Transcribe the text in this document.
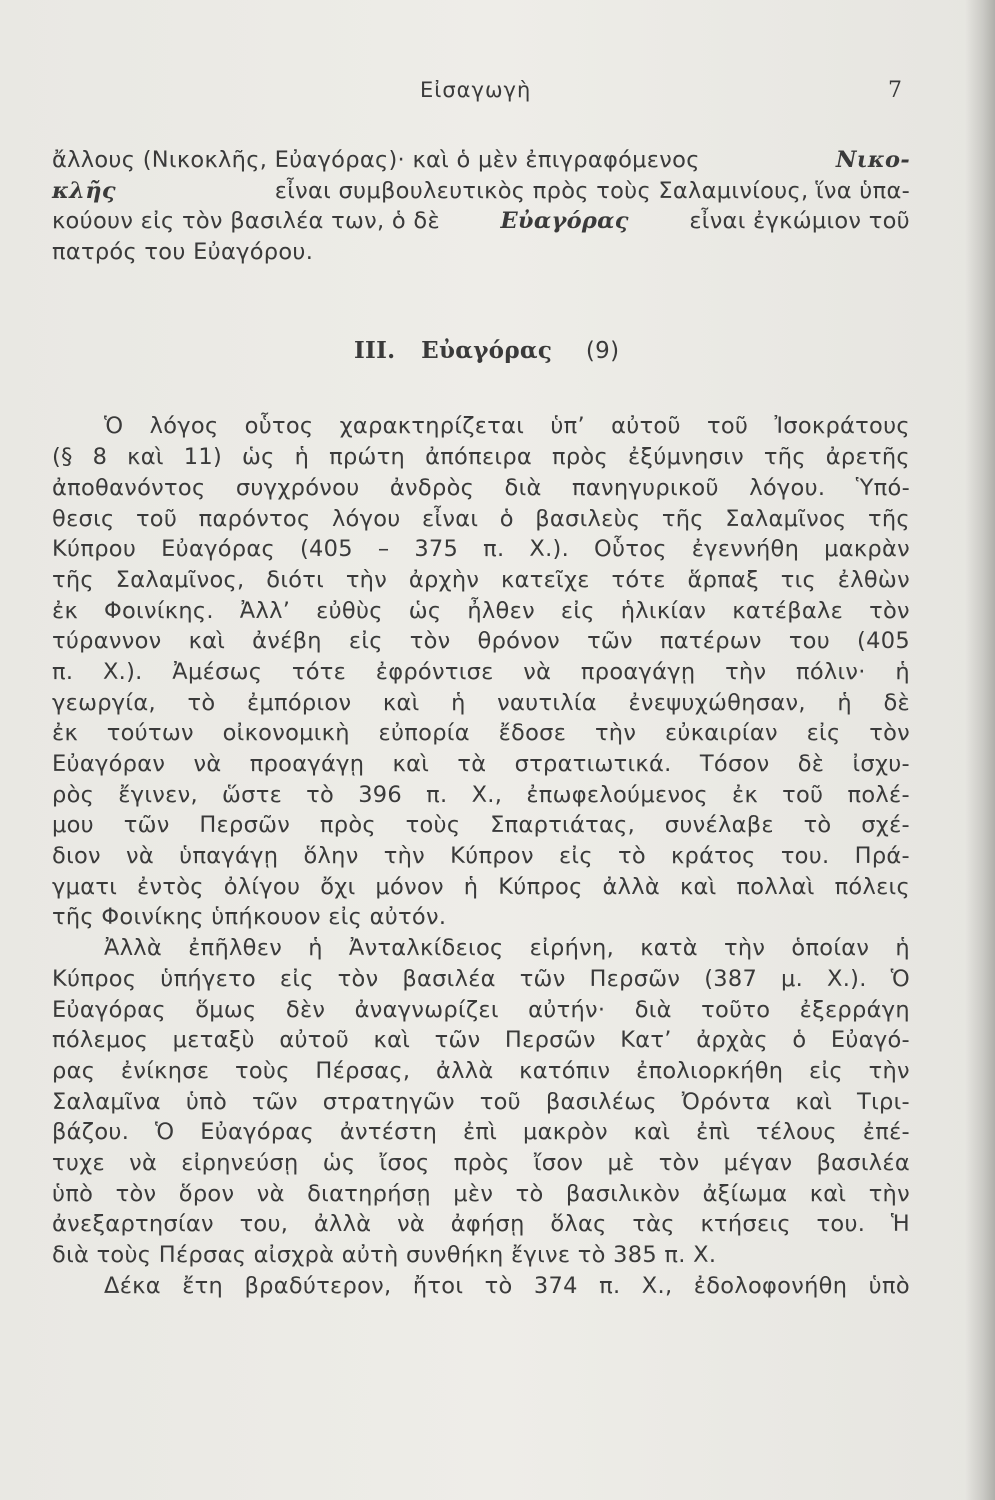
Εἰσαγωγὴ	7
ἄλλους (Νικοκλῆς, Εὐαγόρας)· καὶ ὁ μὲν ἐπιγραφόμενος	Νικο-
κλῆς	εἶναι συμβουλευτικὸς πρὸς τοὺς Σαλαμινίους, ἵνα ὑπα-
κούουν εἰς τὸν βασιλέα των, ὁ δὲ	Εὐαγόρας	εἶναι ἐγκώμιον τοῦ
πατρός του Εὐαγόρου.
III. Εὐαγόρας (9)
Ὁ λόγος οὗτος χαρακτηρίζεται ὑπ’ αὐτοῦ τοῦ Ἰσοκράτους
(§ 8 καὶ 11) ὡς ἡ πρώτη ἀπόπειρα πρὸς ἐξύμνησιν τῆς ἀρετῆς
ἀποθανόντος συγχρόνου ἀνδρὸς διὰ πανηγυρικοῦ λόγου. Ὑπό-
θεσις τοῦ παρόντος λόγου εἶναι ὁ βασιλεὺς τῆς Σαλαμῖνος τῆς
Κύπρου Εὐαγόρας (405 – 375 π. Χ.). Οὗτος ἐγεννήθη μακρὰν
τῆς Σαλαμῖνος, διότι τὴν ἀρχὴν κατεῖχε τότε ἅρπαξ τις ἐλθὼν
ἐκ Φοινίκης. Ἀλλ’ εὐθὺς ὡς ἦλθεν εἰς ἡλικίαν κατέβαλε τὸν
τύραννον καὶ ἀνέβη εἰς τὸν θρόνον τῶν πατέρων του (405
π. Χ.). Ἀμέσως τότε ἐφρόντισε νὰ προαγάγῃ τὴν πόλιν· ἡ
γεωργία, τὸ ἐμπόριον καὶ ἡ ναυτιλία ἐνεψυχώθησαν, ἡ δὲ
ἐκ τούτων οἰκονομικὴ εὐπορία ἔδοσε τὴν εὐκαιρίαν εἰς τὸν
Εὐαγόραν νὰ προαγάγῃ καὶ τὰ στρατιωτικά. Τόσον δὲ ἰσχυ-
ρὸς ἔγινεν, ὥστε τὸ 396 π. Χ., ἐπωφελούμενος ἐκ τοῦ πολέ-
μου τῶν Περσῶν πρὸς τοὺς Σπαρτιάτας, συνέλαβε τὸ σχέ-
διον νὰ ὑπαγάγῃ ὅλην τὴν Κύπρον εἰς τὸ κράτος του. Πρά-
γματι ἐντὸς ὀλίγου ὄχι μόνον ἡ Κύπρος ἀλλὰ καὶ πολλαὶ πόλεις
τῆς Φοινίκης ὑπήκουον εἰς αὐτόν.
Ἀλλὰ ἐπῆλθεν ἡ Ἀνταλκίδειος εἰρήνη, κατὰ τὴν ὁποίαν ἡ
Κύπρος ὑπήγετο εἰς τὸν βασιλέα τῶν Περσῶν (387 μ. Χ.). Ὁ
Εὐαγόρας ὅμως δὲν ἀναγνωρίζει αὐτήν· διὰ τοῦτο ἐξερράγη
πόλεμος μεταξὺ αὐτοῦ καὶ τῶν Περσῶν Κατ’ ἀρχὰς ὁ Εὐαγό-
ρας ἐνίκησε τοὺς Πέρσας, ἀλλὰ κατόπιν ἐπολιορκήθη εἰς τὴν
Σαλαμῖνα ὑπὸ τῶν στρατηγῶν τοῦ βασιλέως Ὀρόντα καὶ Τιρι-
βάζου. Ὁ Εὐαγόρας ἀντέστη ἐπὶ μακρὸν καὶ ἐπὶ τέλους ἐπέ-
τυχε νὰ εἰρηνεύσῃ ὡς ἴσος πρὸς ἴσον μὲ τὸν μέγαν βασιλέα
ὑπὸ τὸν ὅρον νὰ διατηρήσῃ μὲν τὸ βασιλικὸν ἀξίωμα καὶ τὴν
ἀνεξαρτησίαν του, ἀλλὰ νὰ ἀφήσῃ ὅλας τὰς κτήσεις του. Ἡ
διὰ τοὺς Πέρσας αἰσχρὰ αὐτὴ συνθήκη ἔγινε τὸ 385 π. Χ.
Δέκα ἔτη βραδύτερον, ἤτοι τὸ 374 π. Χ., ἐδολοφονήθη ὑπὸ
